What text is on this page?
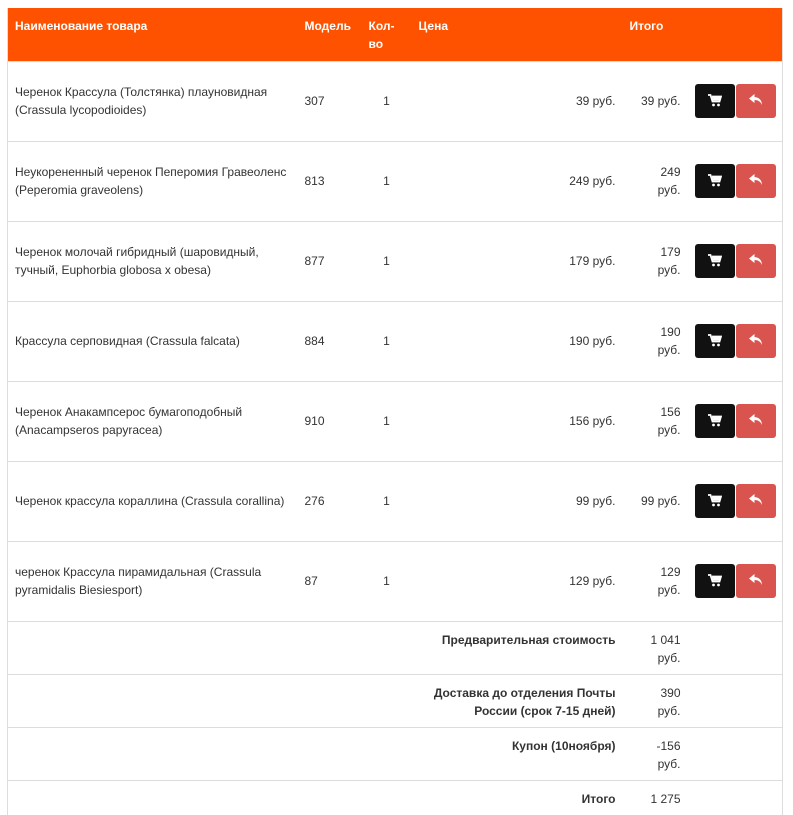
Наименование товара	Модель	Кол-
во	Цена	Итого	
Черенок Крассула (Толстянка) плауновидная
(Crassula lycopodioides)	307	1	39 руб.	39 руб.	

Неукорененный черенок Пеперомия Гравеоленс
(Peperomia graveolens)	813	1	249 руб.	249
руб.	

Черенок молочай гибридный (шаровидный,
тучный, Euphorbia globosa x obesa)	877	1	179 руб.	179
руб.	

Крассула серповидная (Crassula falcata)	884	1	190 руб.	190
руб.	

Черенок Анакампсерос бумагоподобный
(Anacampseros papyracea)	910	1	156 руб.	156
руб.	

Черенок крассула кораллина (Crassula corallina)	276	1	99 руб.	99 руб.	

черенок Крассула пирамидальная (Crassula
pyramidalis Biesiesport)	87	1	129 руб.	129
руб.	

Предварительная стоимость				1 041
руб.	
Доставка до отделения Почты
России (срок 7-15 дней)				390
руб.	
Купон (10ноября)				-156
руб.	
Итого				1 275	
